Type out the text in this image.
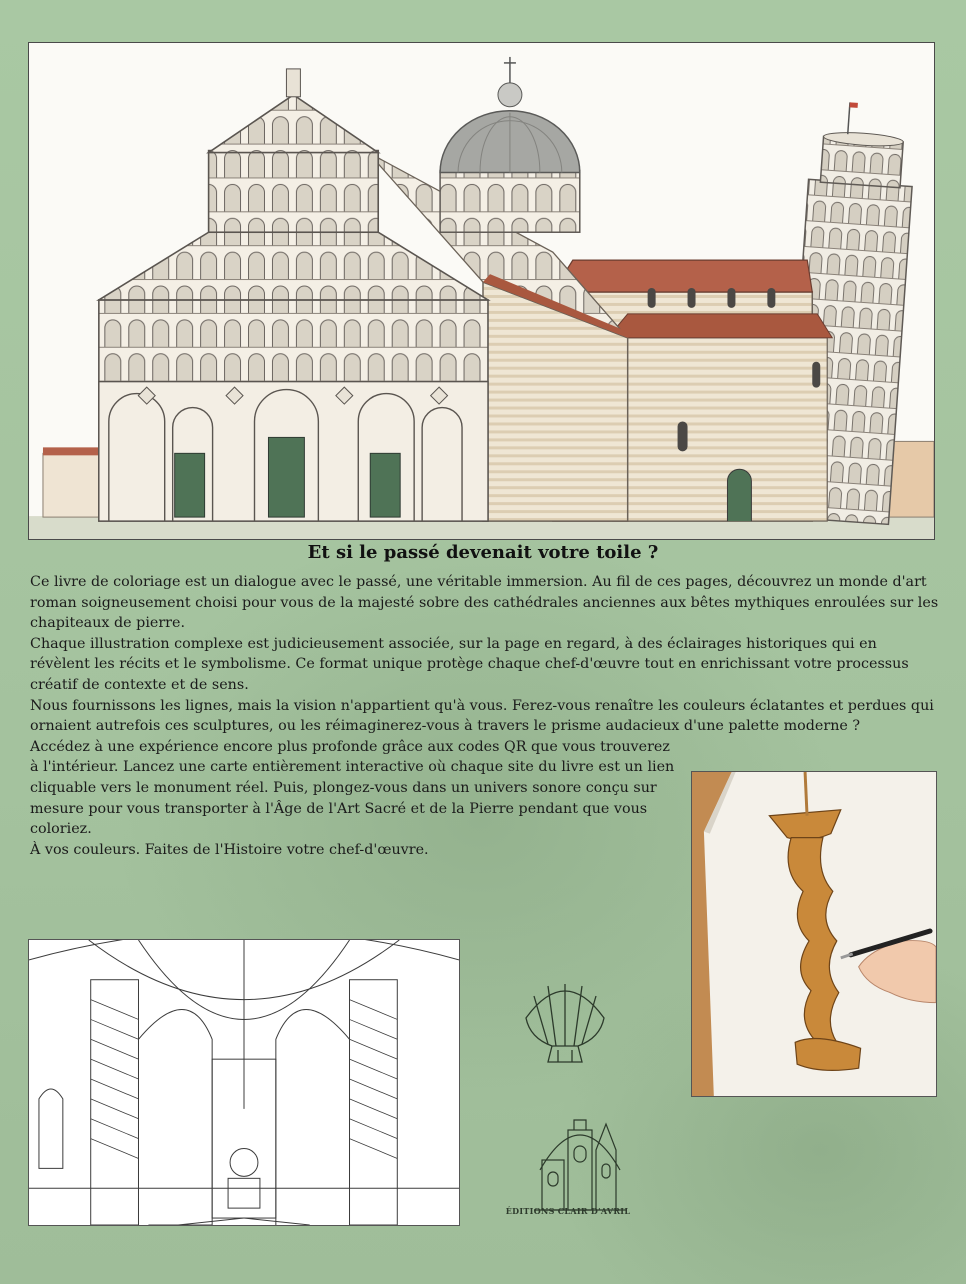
Et si le passé devenait votre toile ?

Ce livre de coloriage est un dialogue avec le passé, une véritable immersion. Au fil de ces pages, découvrez un monde d'art roman soigneusement choisi pour vous de la majesté sobre des cathédrales anciennes aux bêtes mythiques enroulées sur les chapiteaux de pierre.

Chaque illustration complexe est judicieusement associée, sur la page en regard, à des éclairages historiques qui en révèlent les récits et le symbolisme. Ce format unique protège chaque chef-d'œuvre tout en enrichissant votre processus créatif de contexte et de sens.

Nous fournissons les lignes, mais la vision n'appartient qu'à vous. Ferez-vous renaître les couleurs éclatantes et perdues qui ornaient autrefois ces sculptures, ou les réimaginerez-vous à travers le prisme audacieux d'une palette moderne ?

Accédez à une expérience encore plus profonde grâce aux codes QR que vous trouverez à l'intérieur. Lancez une carte entièrement interactive où chaque site du livre est un lien cliquable vers le monument réel. Puis, plongez-vous dans un univers sonore conçu sur mesure pour vous transporter à l'Âge de l'Art Sacré et de la Pierre pendant que vous coloriez.

À vos couleurs. Faites de l'Histoire votre chef-d'œuvre.

ÉDITIONS CLAIR D'AVRIL
